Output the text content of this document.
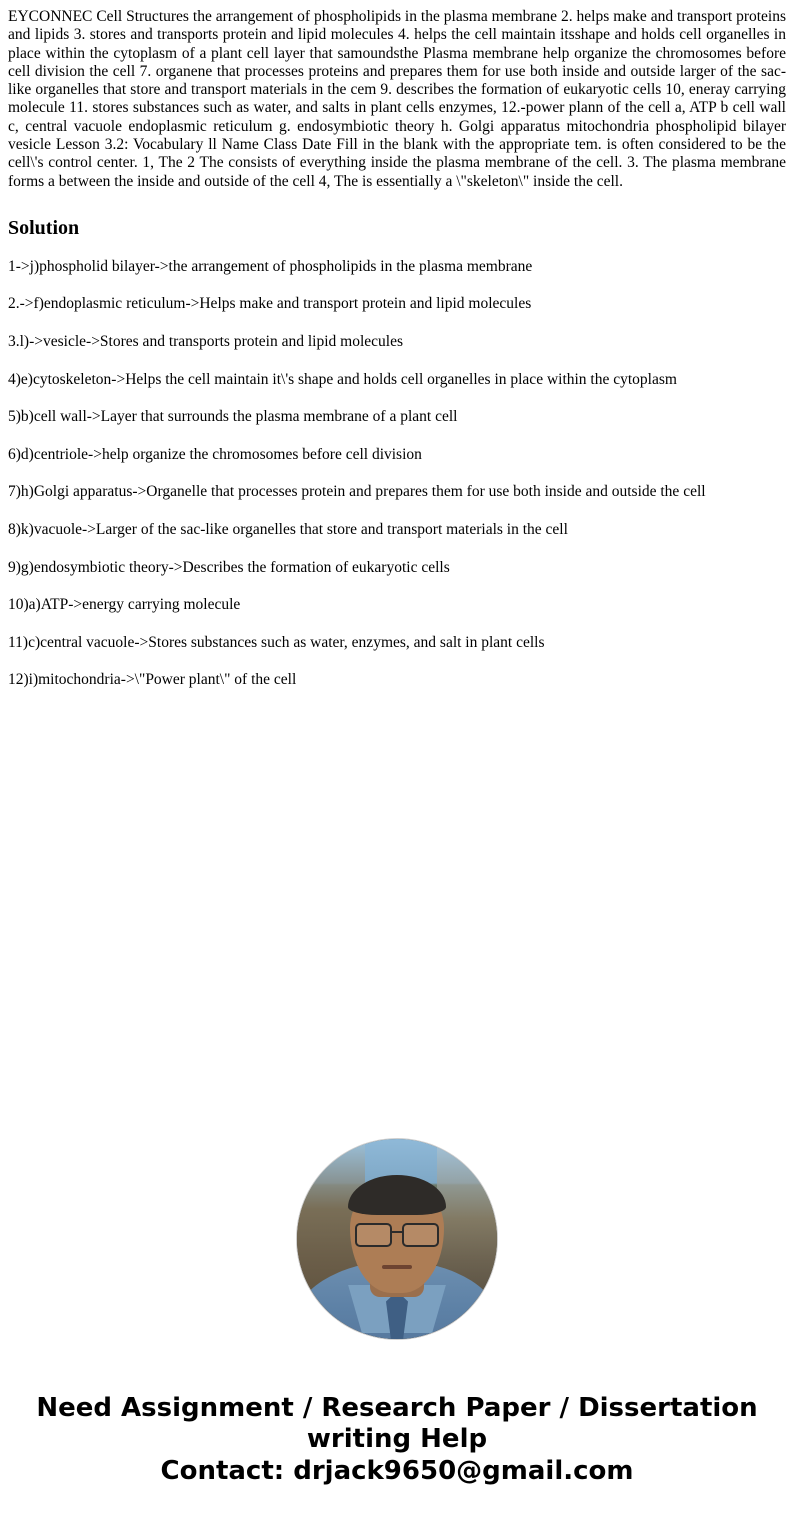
EYCONNEC Cell Structures the arrangement of phospholipids in the plasma membrane 2. helps make and transport proteins and lipids 3. stores and transports protein and lipid molecules 4. helps the cell maintain itsshape and holds cell organelles in place within the cytoplasm of a plant cell layer that samoundsthe Plasma membrane help organize the chromosomes before cell division the cell 7. organene that processes proteins and prepares them for use both inside and outside larger of the sac-like organelles that store and transport materials in the cem 9. describes the formation of eukaryotic cells 10, eneray carrying molecule 11. stores substances such as water, and salts in plant cells enzymes, 12.-power plann of the cell a, ATP b cell wall c, central vacuole endoplasmic reticulum g. endosymbiotic theory h. Golgi apparatus mitochondria phospholipid bilayer vesicle Lesson 3.2: Vocabulary ll Name Class Date Fill in the blank with the appropriate tem. is often considered to be the cell\'s control center. 1, The 2 The consists of everything inside the plasma membrane of the cell. 3. The plasma membrane forms a between the inside and outside of the cell 4, The is essentially a \"skeleton\" inside the cell.

Solution

1->j)phospholid bilayer->the arrangement of phospholipids in the plasma membrane

2.->f)endoplasmic reticulum->Helps make and transport protein and lipid molecules

3.l)->vesicle->Stores and transports protein and lipid molecules

4)e)cytoskeleton->Helps the cell maintain it\'s shape and holds cell organelles in place within the cytoplasm

5)b)cell wall->Layer that surrounds the plasma membrane of a plant cell

6)d)centriole->help organize the chromosomes before cell division

7)h)Golgi apparatus->Organelle that processes protein and prepares them for use both inside and outside the cell

8)k)vacuole->Larger of the sac-like organelles that store and transport materials in the cell

9)g)endosymbiotic theory->Describes the formation of eukaryotic cells

10)a)ATP->energy carrying molecule

11)c)central vacuole->Stores substances such as water, enzymes, and salt in plant cells

12)i)mitochondria->\"Power plant\" of the cell

Need Assignment / Research Paper / Dissertation writing Help
Contact: drjack9650@gmail.com
